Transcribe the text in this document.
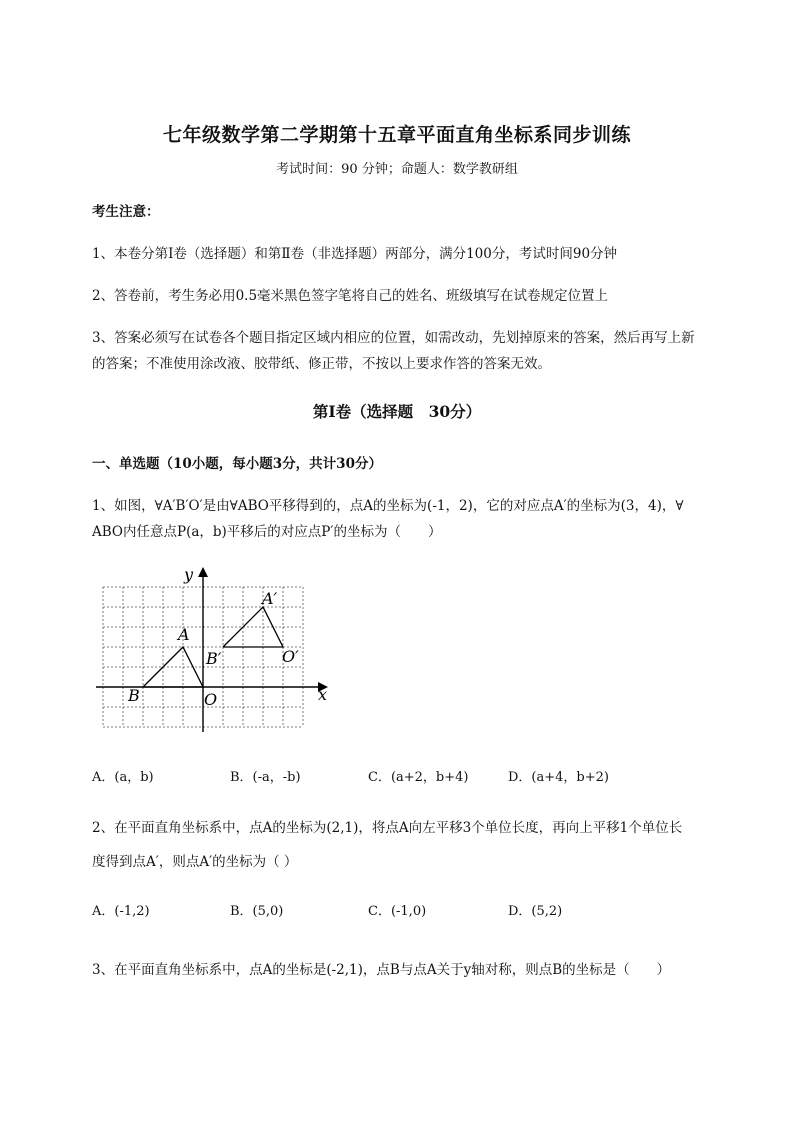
七年级数学第二学期第十五章平面直角坐标系同步训练
考试时间：90 分钟；命题人：数学教研组
考生注意：
1、本卷分第Ⅰ卷（选择题）和第Ⅱ卷（非选择题）两部分，满分100分，考试时间90分钟
2、答卷前，考生务必用0.5毫米黑色签字笔将自己的姓名、班级填写在试卷规定位置上
3、答案必须写在试卷各个题目指定区域内相应的位置，如需改动，先划掉原来的答案，然后再写上新
的答案；不准使用涂改液、胶带纸、修正带，不按以上要求作答的答案无效。
第Ⅰ卷（选择题　30分）
一、单选题（10小题，每小题3分，共计30分）
1、如图，∀A′B′O′是由∀ABO平移得到的，点A的坐标为(-1，2)，它的对应点A′的坐标为(3，4)，∀
ABO内任意点P(a，b)平移后的对应点P′的坐标为（　　）
y
x
O
A
B
A′
B′	O′
A．(a，b)	B．(-a，-b)	C．(a+2，b+4)	D．(a+4，b+2)
2、在平面直角坐标系中，点A的坐标为(2,1)，将点A向左平移3个单位长度，再向上平移1个单位长
度得到点A′，则点A′的坐标为（ ）
A．(-1,2)	B．(5,0)	C．(-1,0)	D．(5,2)
3、在平面直角坐标系中，点A的坐标是(-2,1)，点B与点A关于y轴对称，则点B的坐标是（　　）
